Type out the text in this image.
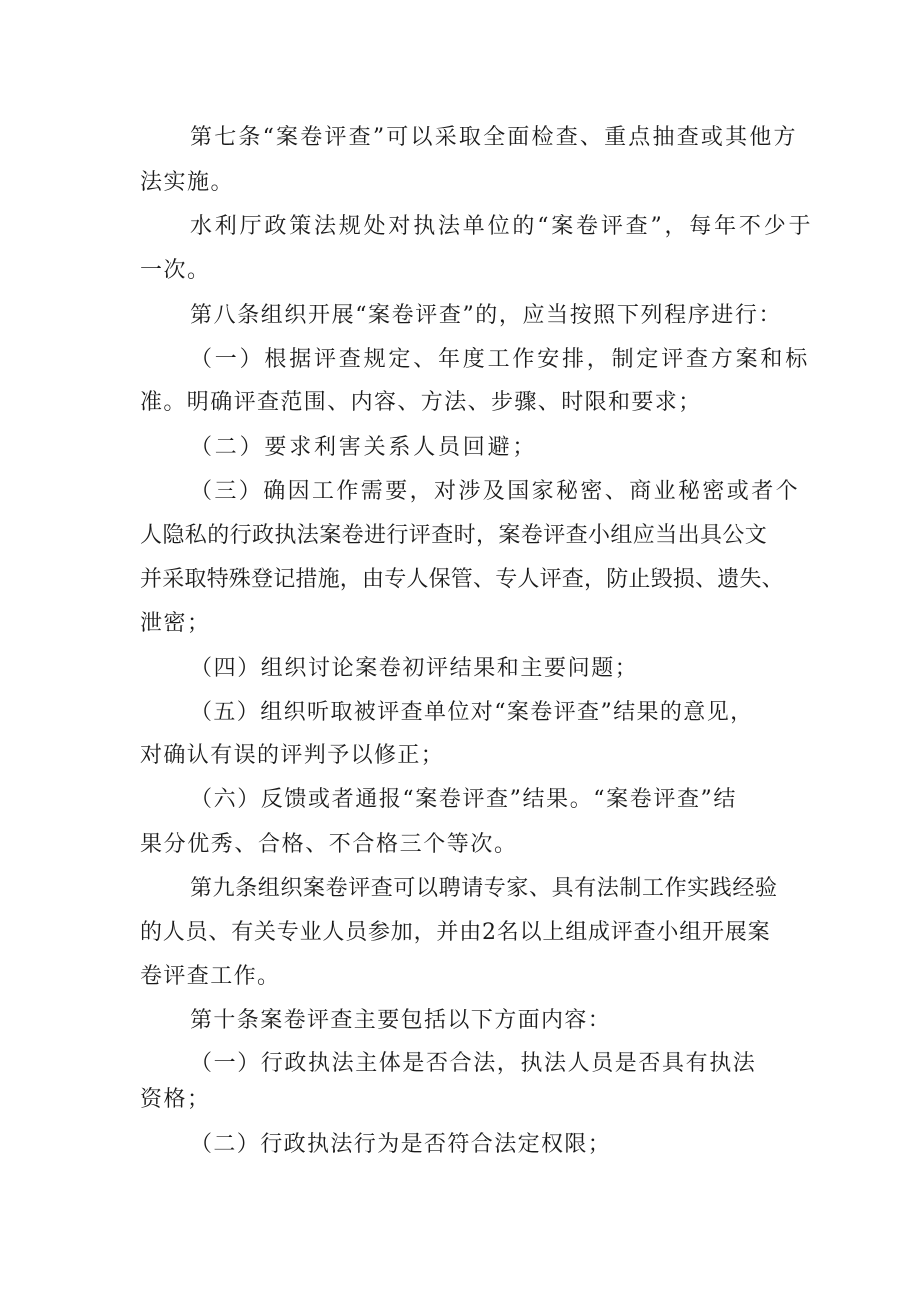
第七条“案卷评查”可以采取全面检查、重点抽查或其他方
法实施。
水利厅政策法规处对执法单位的“案卷评查”，每年不少于
一次。
第八条组织开展“案卷评查”的，应当按照下列程序进行：
（一）根据评查规定、年度工作安排，制定评查方案和标
准。明确评查范围、内容、方法、步骤、时限和要求；
（二）要求利害关系人员回避；
（三）确因工作需要，对涉及国家秘密、商业秘密或者个
人隐私的行政执法案卷进行评查时，案卷评查小组应当出具公文
并采取特殊登记措施，由专人保管、专人评查，防止毁损、遗失、
泄密；
（四）组织讨论案卷初评结果和主要问题；
（五）组织听取被评查单位对“案卷评查”结果的意见，
对确认有误的评判予以修正；
（六）反馈或者通报“案卷评查”结果。“案卷评查”结
果分优秀、合格、不合格三个等次。
第九条组织案卷评查可以聘请专家、具有法制工作实践经验
的人员、有关专业人员参加，并由2名以上组成评查小组开展案
卷评查工作。
第十条案卷评查主要包括以下方面内容：
（一）行政执法主体是否合法，执法人员是否具有执法
资格；
（二）行政执法行为是否符合法定权限；
